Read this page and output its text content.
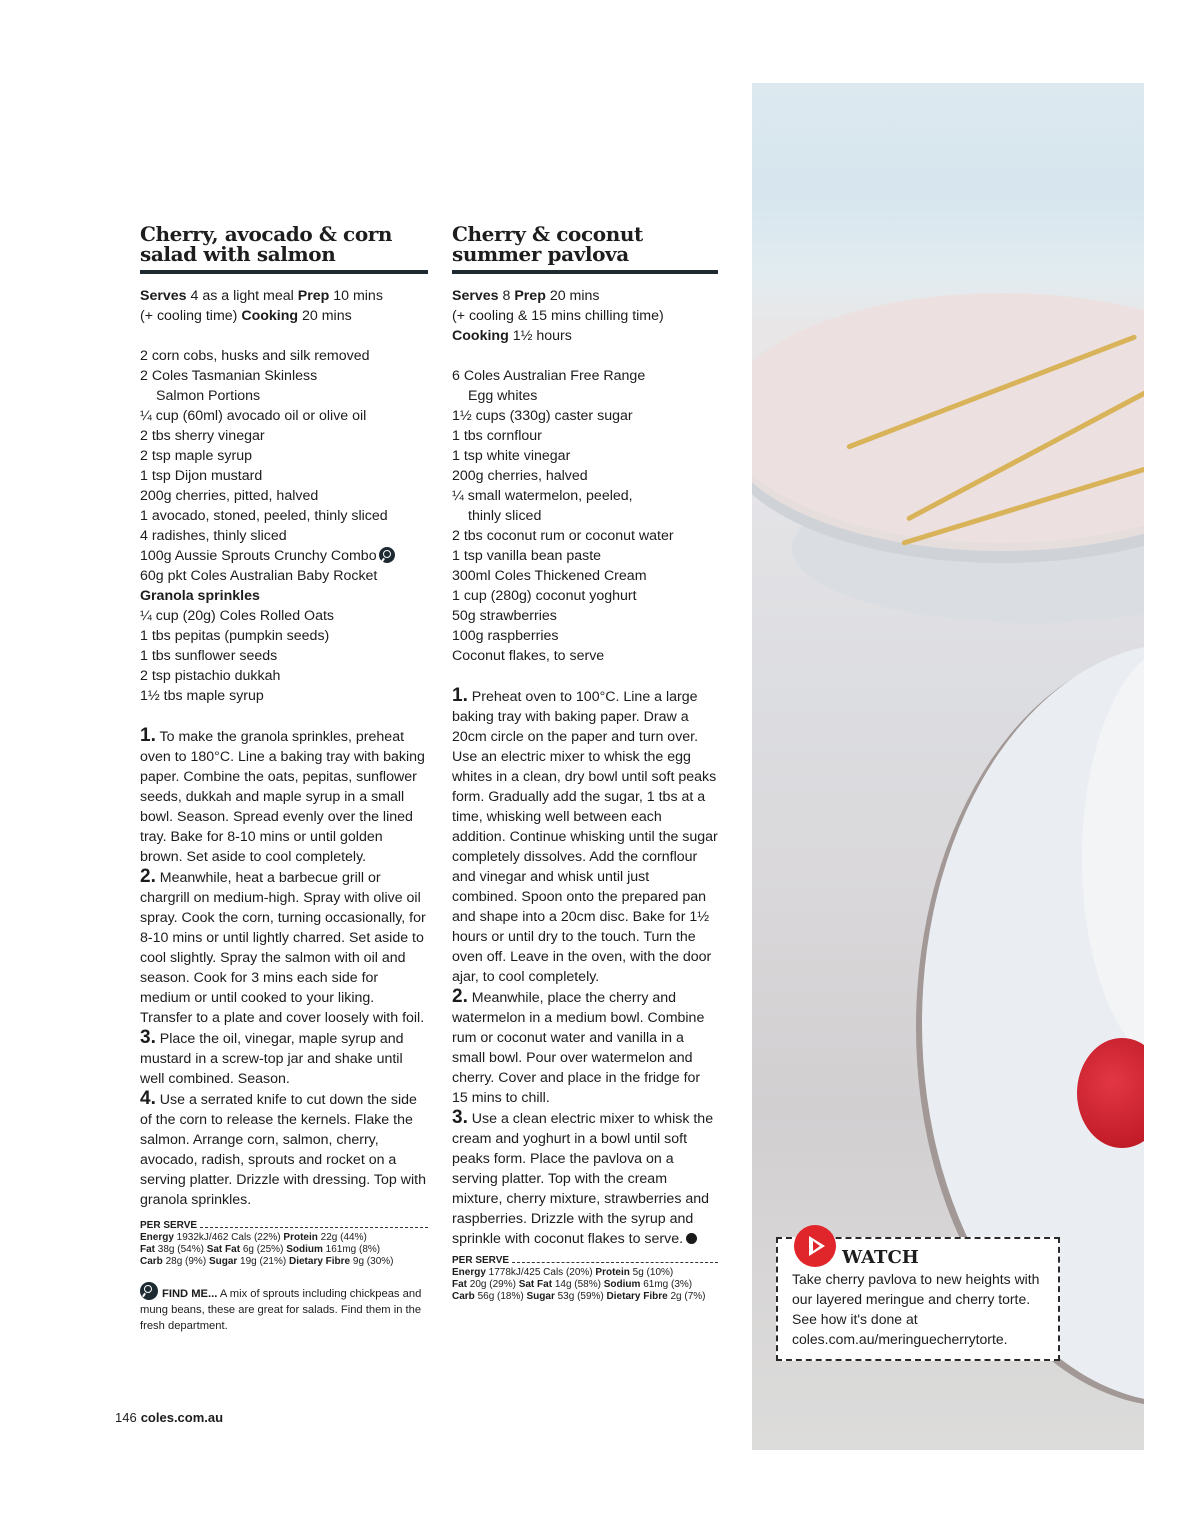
Cherry, avocado & corn
salad with salmon

Serves 4 as a light meal Prep 10 mins
(+ cooling time) Cooking 20 mins

2 corn cobs, husks and silk removed
2 Coles Tasmanian Skinless
Salmon Portions
¼ cup (60ml) avocado oil or olive oil
2 tbs sherry vinegar
2 tsp maple syrup
1 tsp Dijon mustard
200g cherries, pitted, halved
1 avocado, stoned, peeled, thinly sliced
4 radishes, thinly sliced
100g Aussie Sprouts Crunchy Combo
60g pkt Coles Australian Baby Rocket
Granola sprinkles
¼ cup (20g) Coles Rolled Oats
1 tbs pepitas (pumpkin seeds)
1 tbs sunflower seeds
2 tsp pistachio dukkah
1½ tbs maple syrup
1. To make the granola sprinkles, preheat oven to 180°C. Line a baking tray with baking paper. Combine the oats, pepitas, sunflower seeds, dukkah and maple syrup in a small bowl. Season. Spread evenly over the lined tray. Bake for 8-10 mins or until golden brown. Set aside to cool completely.
2. Meanwhile, heat a barbecue grill or chargrill on medium-high. Spray with olive oil spray. Cook the corn, turning occasionally, for 8-10 mins or until lightly charred. Set aside to cool slightly. Spray the salmon with oil and season. Cook for 3 mins each side for medium or until cooked to your liking. Transfer to a plate and cover loosely with foil.
3. Place the oil, vinegar, maple syrup and mustard in a screw-top jar and shake until well combined. Season.
4. Use a serrated knife to cut down the side of the corn to release the kernels. Flake the salmon. Arrange corn, salmon, cherry, avocado, radish, sprouts and rocket on a serving platter. Drizzle with dressing. Top with granola sprinkles.
PER SERVE
Energy 1932kJ/462 Cals (22%) Protein 22g (44%)
Fat 38g (54%) Sat Fat 6g (25%) Sodium 161mg (8%)
Carb 28g (9%) Sugar 19g (21%) Dietary Fibre 9g (30%)
FIND ME... A mix of sprouts including chickpeas and mung beans, these are great for salads. Find them in the fresh department.
Cherry & coconut
summer pavlova

Serves 8 Prep 20 mins
(+ cooling & 15 mins chilling time)
Cooking 1½ hours

6 Coles Australian Free Range
Egg whites
1½ cups (330g) caster sugar
1 tbs cornflour
1 tsp white vinegar
200g cherries, halved
¼ small watermelon, peeled,
thinly sliced
2 tbs coconut rum or coconut water
1 tsp vanilla bean paste
300ml Coles Thickened Cream
1 cup (280g) coconut yoghurt
50g strawberries
100g raspberries
Coconut flakes, to serve
1. Preheat oven to 100°C. Line a large baking tray with baking paper. Draw a 20cm circle on the paper and turn over. Use an electric mixer to whisk the egg whites in a clean, dry bowl until soft peaks form. Gradually add the sugar, 1 tbs at a time, whisking well between each addition. Continue whisking until the sugar completely dissolves. Add the cornflour and vinegar and whisk until just combined. Spoon onto the prepared pan and shape into a 20cm disc. Bake for 1½ hours or until dry to the touch. Turn the oven off. Leave in the oven, with the door ajar, to cool completely.
2. Meanwhile, place the cherry and watermelon in a medium bowl. Combine rum or coconut water and vanilla in a small bowl. Pour over watermelon and cherry. Cover and place in the fridge for 15 mins to chill.
3. Use a clean electric mixer to whisk the cream and yoghurt in a bowl until soft peaks form. Place the pavlova on a serving platter. Top with the cream mixture, cherry mixture, strawberries and raspberries. Drizzle with the syrup and sprinkle with coconut flakes to serve.
PER SERVE
Energy 1778kJ/425 Cals (20%) Protein 5g (10%)
Fat 20g (29%) Sat Fat 14g (58%) Sodium 61mg (3%)
Carb 56g (18%) Sugar 53g (59%) Dietary Fibre 2g (7%)
WATCH
Take cherry pavlova to new heights with our layered meringue and cherry torte. See how it's done at coles.com.au/meringuecherrytorte.
146 coles.com.au
